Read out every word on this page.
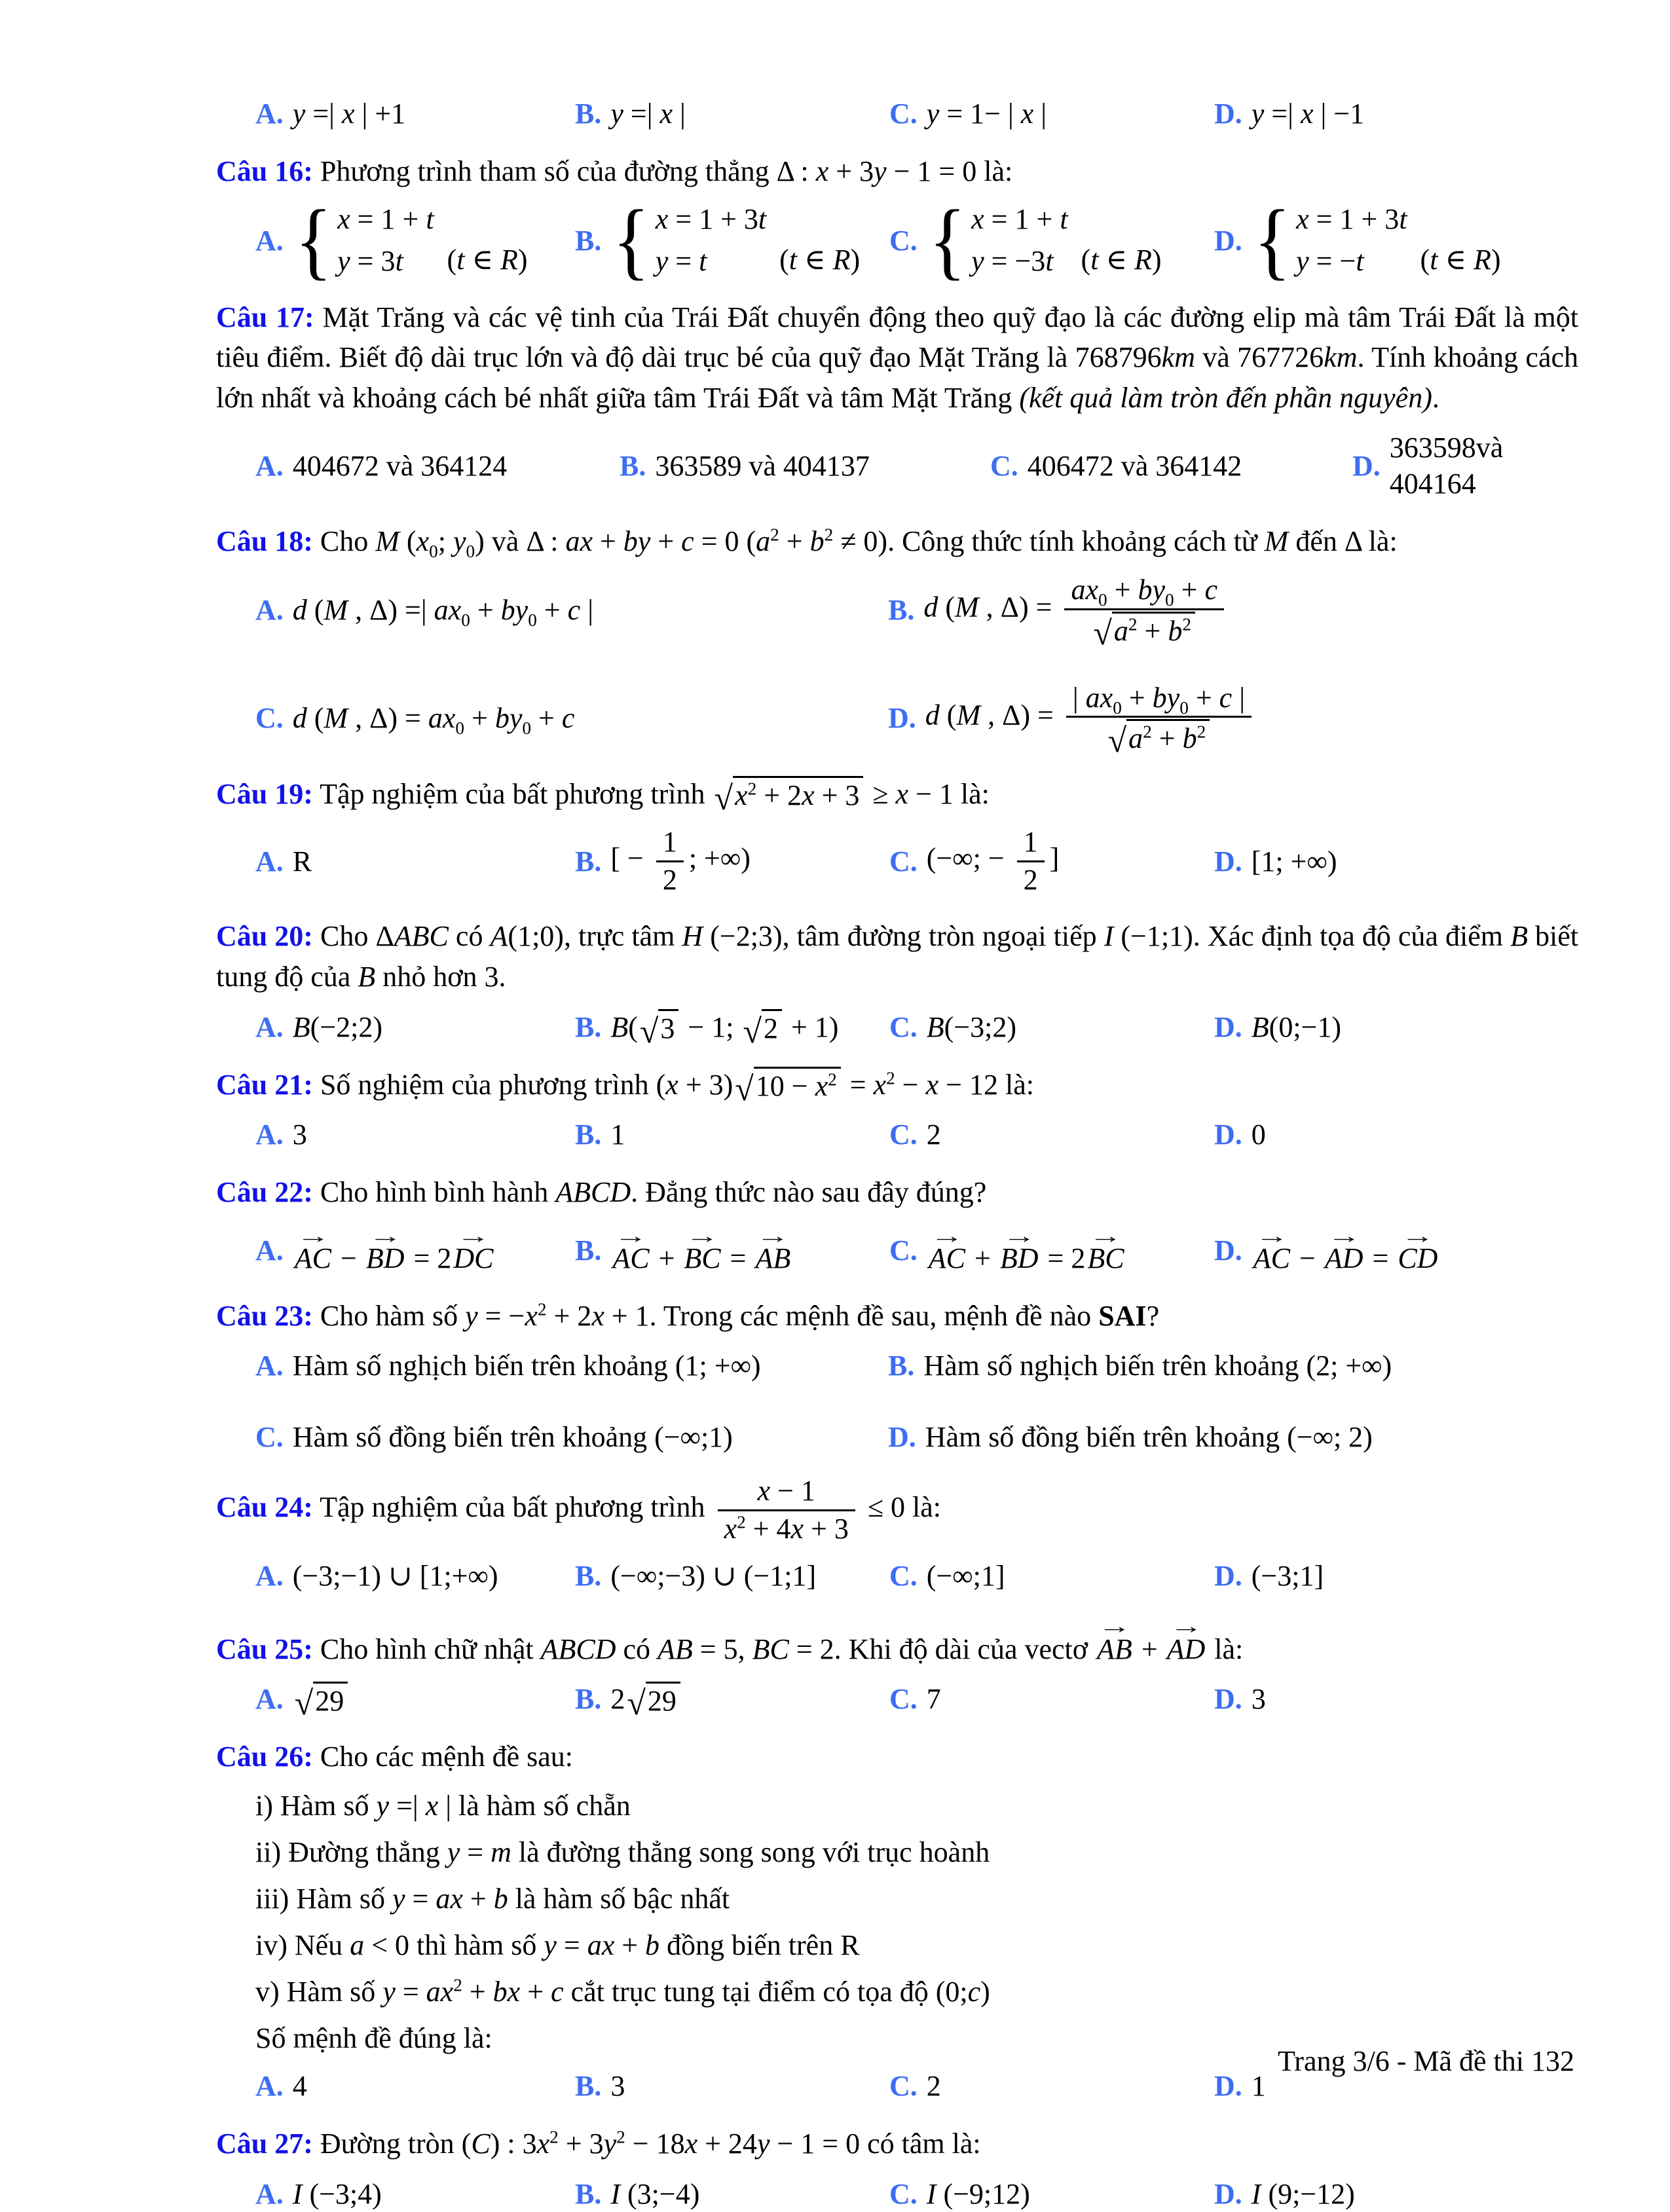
A. y =| x | +1	B. y =| x |	C. y = 1− | x |	D. y =| x | −1
Câu 16: Phương trình tham số của đường thẳng Δ : x + 3y − 1 = 0 là:
A. { x = 1 + t
y = 3t	(t ∈ R)
B. { x = 1 + 3t
y = t	(t ∈ R)
C. { x = 1 + t
y = −3t (t ∈ R)
D. { x = 1 + 3t
y = −t	(t ∈ R)
Câu 17: Mặt Trăng và các vệ tinh của Trái Đất chuyển động theo quỹ đạo là các đường elip mà tâm Trái Đất là một tiêu điểm. Biết độ dài trục lớn và độ dài trục bé của quỹ đạo Mặt Trăng là 768796km và 767726km. Tính khoảng cách lớn nhất và khoảng cách bé nhất giữa tâm Trái Đất và tâm Mặt Trăng (kết quả làm tròn đến phần nguyên).
A. 404672 và 364124	B. 363589 và 404137	C. 406472 và 364142	D.
363598và 404164
Câu 18: Cho M ($x_0$; $y_0$) và Δ : ax + by + c = 0 $(a^2 + b^2 \ne 0)$. Công thức tính khoảng cách từ M đến Δ là:
A. d (M , Δ) =| $ax_0 + by_0 + c$ |	B. d (M , $\Delta) = \frac{ax_0 + by_0 + c}{√ a^2 + b^2}$
C. d (M , $\Delta) = ax_0 + by_0 + c$	D. d (M , $\Delta) = \frac{| ax_0 + by_0 + c |}{√ a^2 + b^2}$
Câu 19: Tập nghiệm của bất phương trình √ $x^2 + 2x + 3 \ge x - 1$ là:
A. R	B. [ − $\frac{1}{2}$ ; +∞)	C. (−∞; − $\frac{1}{2}$ ]	D. [1; +∞)
Câu 20: Cho ΔABC có A(1;0), trực tâm H (−2;3), tâm đường tròn ngoại tiếp I (−1;1). Xác định tọa độ của điểm B biết tung độ của B nhỏ hơn 3.
A. B(−2;2)	B. B( √ 3 − 1; √ 2 + 1) C. B(−3;2)	D. B(0;−1)
Câu 21: Số nghiệm của phương trình (x + 3) √ $10 - x^2 = x^2 - x - 12$ là:
A. 3	B. 1	C. 2	D. 0
Câu 22: Cho hình bình hành ABCD. Đẳng thức nào sau đây đúng?
A. AC → − BD → = 2DC →	B. AC → + BC → = AB →	C. AC → + BD → = 2BC →	D. AC → − AD → = CD →
Câu 23: Cho hàm số $y = -x^2 + 2x + 1$. Trong các mệnh đề sau, mệnh đề nào SAI?
A. Hàm số nghịch biến trên khoảng (1; +∞)	B. Hàm số nghịch biến trên khoảng (2; +∞)
C. Hàm số đồng biến trên khoảng (−∞;1)	D. Hàm số đồng biến trên khoảng (−∞; 2)
Câu 24: Tập nghiệm của bất phương trình $\frac{x - 1}{x^2 + 4x + 3} \le 0$ là:
A. (−3;−1) ∪ [1;+∞)	B. (−∞;−3) ∪ (−1;1]	C. (−∞;1]	D. (−3;1]
Câu 25: Cho hình chữ nhật ABCD có AB = 5, BC = 2. Khi độ dài của vectơ AB → + AD → là:
A. √ 29	B. 2 √ 29	C. 7	D. 3
Câu 26: Cho các mệnh đề sau:
i) Hàm số y =| x | là hàm số chẵn
ii) Đường thẳng y = m là đường thẳng song song với trục hoành
iii) Hàm số y = ax + b là hàm số bậc nhất
iv) Nếu a < 0 thì hàm số y = ax + b đồng biến trên R
v) Hàm số $y = ax^2$ + bx + c cắt trục tung tại điểm có tọa độ (0;c)
Số mệnh đề đúng là:
A. 4	B. 3	C. 2	D. 1
Câu 27: Đường tròn (C) : $3x^2 + 3y^2 - 18x + 24y - 1 = 0$ có tâm là:
A. I (−3;4)	B. I (3;−4)	C. I (−9;12)	D. I (9;−12)
Trang 3/6 - Mã đề thi 132
